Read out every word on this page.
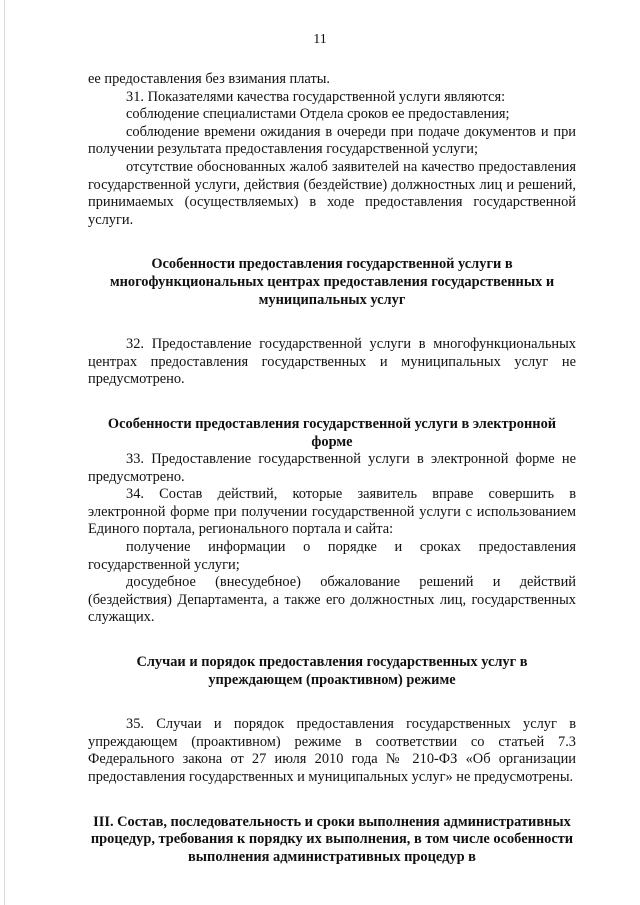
11

ее предоставления без взимания платы.

31. Показателями качества государственной услуги являются:

соблюдение специалистами Отдела сроков ее предоставления;

соблюдение времени ожидания в очереди при подаче документов и при получении результата предоставления государственной услуги;

отсутствие обоснованных жалоб заявителей на качество предоставления государственной услуги, действия (бездействие) должностных лиц и решений, принимаемых (осуществляемых) в ходе предоставления государственной услуги.

Особенности предоставления государственной услуги в многофункциональных центрах предоставления государственных и муниципальных услуг

32. Предоставление государственной услуги в многофункциональных центрах предоставления государственных и муниципальных услуг не предусмотрено.

Особенности предоставления государственной услуги в электронной форме

33. Предоставление государственной услуги в электронной форме не предусмотрено.

34. Состав действий, которые заявитель вправе совершить в электронной форме при получении государственной услуги с использованием Единого портала, регионального портала и сайта:

получение информации о порядке и сроках предоставления государственной услуги;

досудебное (внесудебное) обжалование решений и действий (бездействия) Департамента, а также его должностных лиц, государственных служащих.

Случаи и порядок предоставления государственных услуг в упреждающем (проактивном) режиме

35. Случаи и порядок предоставления государственных услуг в упреждающем (проактивном) режиме в соответствии со статьей 7.3 Федерального закона от 27 июля 2010 года № 210-ФЗ «Об организации предоставления государственных и муниципальных услуг» не предусмотрены.

III. Состав, последовательность и сроки выполнения административных процедур, требования к порядку их выполнения, в том числе особенности выполнения административных процедур в
